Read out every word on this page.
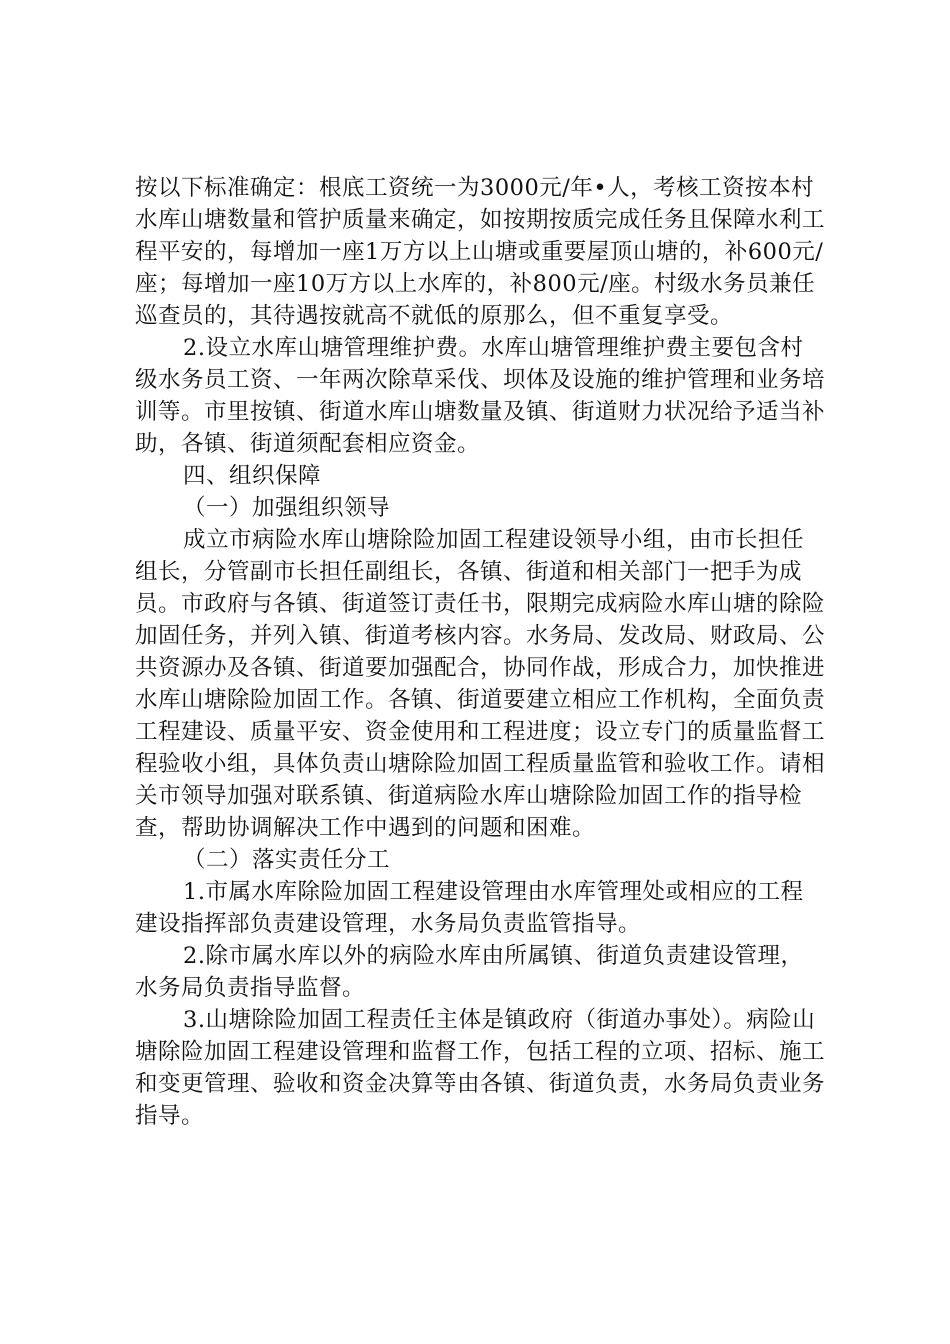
按以下标准确定：根底工资统一为3000元/年•人，考核工资按本村水库山塘数量和管护质量来确定，如按期按质完成任务且保障水利工程平安的，每增加一座1万方以上山塘或重要屋顶山塘的，补600元/座；每增加一座10万方以上水库的，补800元/座。村级水务员兼任巡查员的，其待遇按就高不就低的原那么，但不重复享受。

2.设立水库山塘管理维护费。水库山塘管理维护费主要包含村级水务员工资、一年两次除草采伐、坝体及设施的维护管理和业务培训等。市里按镇、街道水库山塘数量及镇、街道财力状况给予适当补助，各镇、街道须配套相应资金。

四、组织保障

（一）加强组织领导

成立市病险水库山塘除险加固工程建设领导小组，由市长担任组长，分管副市长担任副组长，各镇、街道和相关部门一把手为成员。市政府与各镇、街道签订责任书，限期完成病险水库山塘的除险加固任务，并列入镇、街道考核内容。水务局、发改局、财政局、公共资源办及各镇、街道要加强配合，协同作战，形成合力，加快推进水库山塘除险加固工作。各镇、街道要建立相应工作机构，全面负责工程建设、质量平安、资金使用和工程进度；设立专门的质量监督工程验收小组，具体负责山塘除险加固工程质量监管和验收工作。请相关市领导加强对联系镇、街道病险水库山塘除险加固工作的指导检查，帮助协调解决工作中遇到的问题和困难。

（二）落实责任分工

1.市属水库除险加固工程建设管理由水库管理处或相应的工程建设指挥部负责建设管理，水务局负责监管指导。

2.除市属水库以外的病险水库由所属镇、街道负责建设管理，水务局负责指导监督。

3.山塘除险加固工程责任主体是镇政府（街道办事处）。病险山塘除险加固工程建设管理和监督工作，包括工程的立项、招标、施工和变更管理、验收和资金决算等由各镇、街道负责，水务局负责业务指导。
